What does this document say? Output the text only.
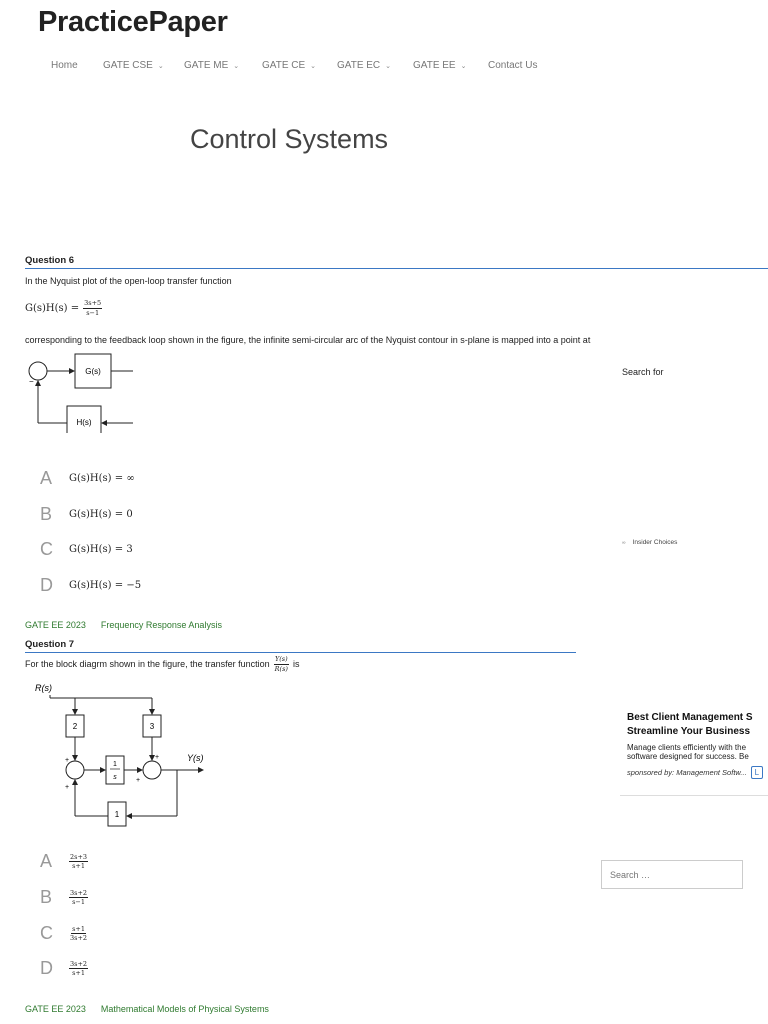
PracticePaper
Home	GATE CSE ⌄ GATE ME ⌄ GATE CE ⌄ GATE EC ⌄ GATE EE ⌄ Contact Us
Control Systems
Question 6
In the Nyquist plot of the open-loop transfer function
$G(s)H(s) = \frac{3s+5}{s-1}$
corresponding to the feedback loop shown in the figure, the infinite semi-circular arc of the Nyquist contour in s-plane is mapped into a point at
G(s)
H(s)
−
A	G(s)H(s) = ∞
B	G(s)H(s) = 0
C	G(s)H(s) = 3
D	G(s)H(s) = −5
GATE EE 2023 Frequency Response Analysis
Question 7
For the block diagrm shown in the figure, the transfer function $\frac{Y(s)}{R(s)}$ is
R(s)
2	3
1
s
Y(s)
1
+
+
+
+
A	$\frac{2s+3}{s+1}$
B	$\frac{3s+2}{s-1}$
C	$\frac{s+1}{3s+2}$
D	$\frac{3s+2}{s+1}$
GATE EE 2023 Mathematical Models of Physical Systems
Search for
∞ Insider Choices
Best Client Management S
Streamline Your Business
Manage clients efficiently with the
software designed for success. Be
sponsored by: Management Softw...	L
Search …
